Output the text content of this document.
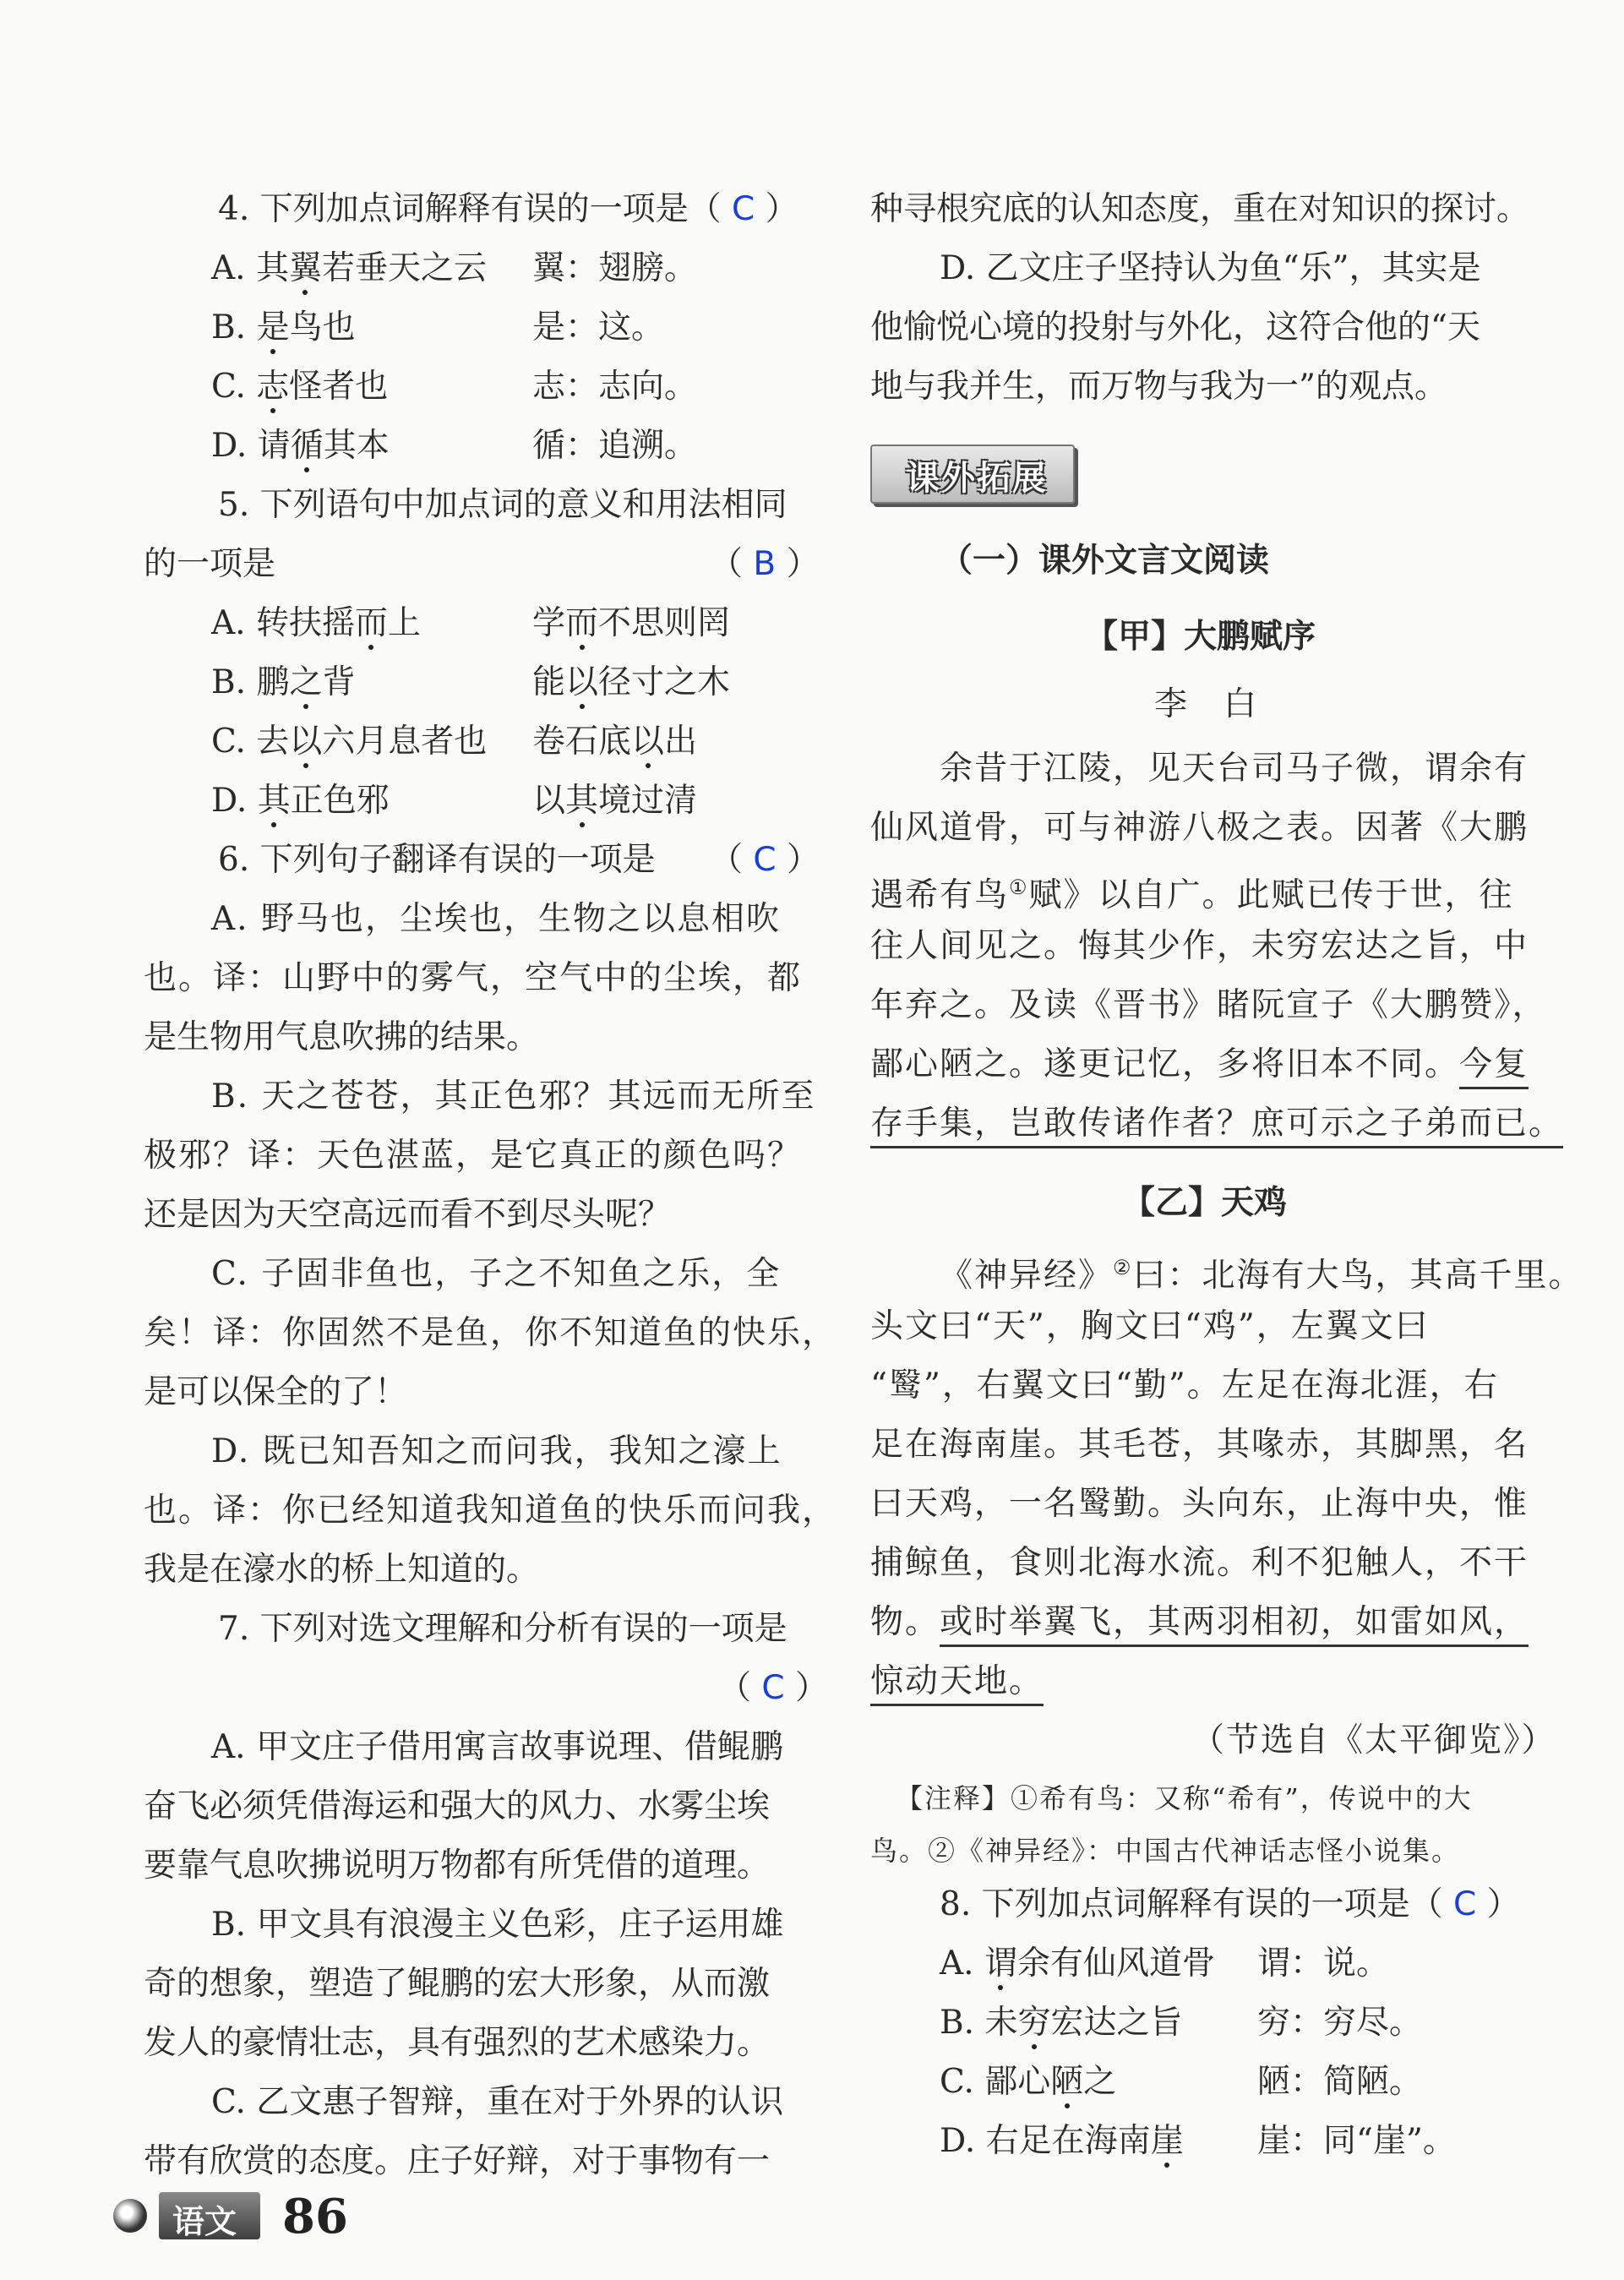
4. 下列加点词解释有误的一项是（ C ）
A. 其翼若垂天之云 翼：翅膀。
B. 是鸟也	是：这。
C. 志怪者也	志：志向。
D. 请循其本	循：追溯。
5. 下列语句中加点词的意义和用法相同
的一项是	（ B ）
A. 转扶摇而上	学而不思则罔
B. 鹏之背	能以径寸之木
C. 去以六月息者也 卷石底以出
D. 其正色邪	以其境过清
6. 下列句子翻译有误的一项是 （ C ）
A. 野马也，尘埃也，生物之以息相吹
也。译：山野中的雾气，空气中的尘埃，都
是生物用气息吹拂的结果。
B. 天之苍苍，其正色邪？其远而无所至
极邪？译：天色湛蓝，是它真正的颜色吗？
还是因为天空高远而看不到尽头呢？
C. 子固非鱼也，子之不知鱼之乐，全
矣！译：你固然不是鱼，你不知道鱼的快乐，
是可以保全的了！
D. 既已知吾知之而问我，我知之濠上
也。译：你已经知道我知道鱼的快乐而问我，
我是在濠水的桥上知道的。
7. 下列对选文理解和分析有误的一项是
（ C ）
A. 甲文庄子借用寓言故事说理、借鲲鹏
奋飞必须凭借海运和强大的风力、水雾尘埃
要靠气息吹拂说明万物都有所凭借的道理。
B. 甲文具有浪漫主义色彩，庄子运用雄
奇的想象，塑造了鲲鹏的宏大形象，从而激
发人的豪情壮志，具有强烈的艺术感染力。
C. 乙文惠子智辩，重在对于外界的认识
带有欣赏的态度。庄子好辩，对于事物有一
种寻根究底的认知态度，重在对知识的探讨。
D. 乙文庄子坚持认为鱼“乐”，其实是
他愉悦心境的投射与外化，这符合他的“天
地与我并生，而万物与我为一”的观点。
课外拓展
（一）课外文言文阅读
【甲】大鹏赋序
李　白
余昔于江陵，见天台司马子微，谓余有
仙风道骨，可与神游八极之表。因著《大鹏
遇希有鸟①赋》以自广。此赋已传于世，往
往人间见之。悔其少作，未穷宏达之旨，中
年弃之。及读《晋书》睹阮宣子《大鹏赞》，
鄙心陋之。遂更记忆，多将旧本不同。今复
存手集，岂敢传诸作者？庶可示之子弟而已。
【乙】天鸡
《神异经》②曰：北海有大鸟，其高千里。
头文曰“天”，胸文曰“鸡”，左翼文曰
“鹥”，右翼文曰“勤”。左足在海北涯，右
足在海南崖。其毛苍，其喙赤，其脚黑，名
曰天鸡，一名鹥勤。头向东，止海中央，惟
捕鲸鱼，食则北海水流。利不犯触人，不干
物。或时举翼飞，其两羽相初，如雷如风，
惊动天地。
（节选自《太平御览》）
【注释】①希有鸟：又称“希有”，传说中的大
鸟。②《神异经》：中国古代神话志怪小说集。
8. 下列加点词解释有误的一项是（ C ）
A. 谓余有仙风道骨 谓：说。
B. 未穷宏达之旨 穷：穷尽。
C. 鄙心陋之	陋：简陋。
D. 右足在海南崖 崖：同“崖”。
语文 86
